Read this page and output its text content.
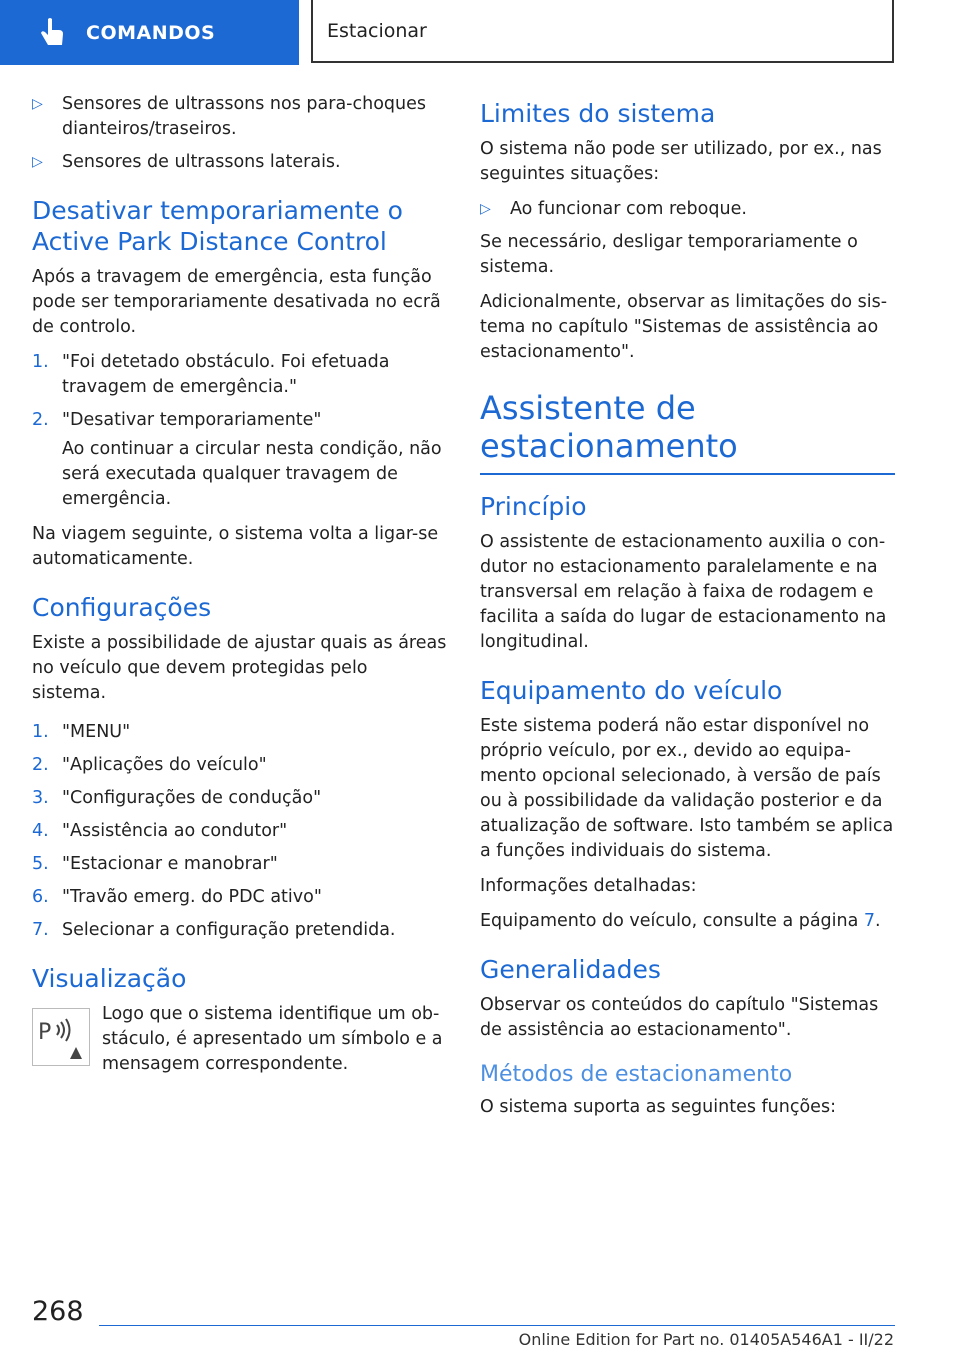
COMANDOS	Estacionar
▷	Sensores de ultrassons nos para-choques dianteiros/traseiros.
▷	Sensores de ultrassons laterais.
Desativar temporariamente o Active Park Distance Control

Após a travagem de emergência, esta função pode ser temporariamente desativada no ecrã de controlo.

1. "Foi detetado obstáculo. Foi efetuada travagem de emergência."
2. "Desativar temporariamente"

Ao continuar a circular nesta condição, não será executada qualquer travagem de emergência.

Na viagem seguinte, o sistema volta a ligar-se automaticamente.

Configurações

Existe a possibilidade de ajustar quais as áreas no veículo que devem protegidas pelo sistema.

1. "MENU"
2. "Aplicações do veículo"
3. "Configurações de condução"
4. "Assistência ao condutor"
5. "Estacionar e manobrar"
6. "Travão emerg. do PDC ativo"
7. Selecionar a configuração pretendida.
Visualização
P

Logo que o sistema identifique um obstáculo, é apresentado um símbolo e a mensagem correspondente.

Limites do sistema

O sistema não pode ser utilizado, por ex., nas seguintes situações:

▷	Ao funcionar com reboque.

Se necessário, desligar temporariamente o sistema.

Adicionalmente, observar as limitações do sistema no capítulo "Sistemas de assistência ao estacionamento".

Assistente de estacionamento
Princípio

O assistente de estacionamento auxilia o condutor no estacionamento paralelamente e na transversal em relação à faixa de rodagem e facilita a saída do lugar de estacionamento na longitudinal.

Equipamento do veículo

Este sistema poderá não estar disponível no próprio veículo, por ex., devido ao equipamento opcional selecionado, à versão de país ou à possibilidade da validação posterior e da atualização de software. Isto também se aplica a funções individuais do sistema.

Informações detalhadas:

Equipamento do veículo, consulte a página 7.

Generalidades

Observar os conteúdos do capítulo "Sistemas de assistência ao estacionamento".

Métodos de estacionamento

O sistema suporta as seguintes funções:

268
Online Edition for Part no. 01405A546A1 - II/22
